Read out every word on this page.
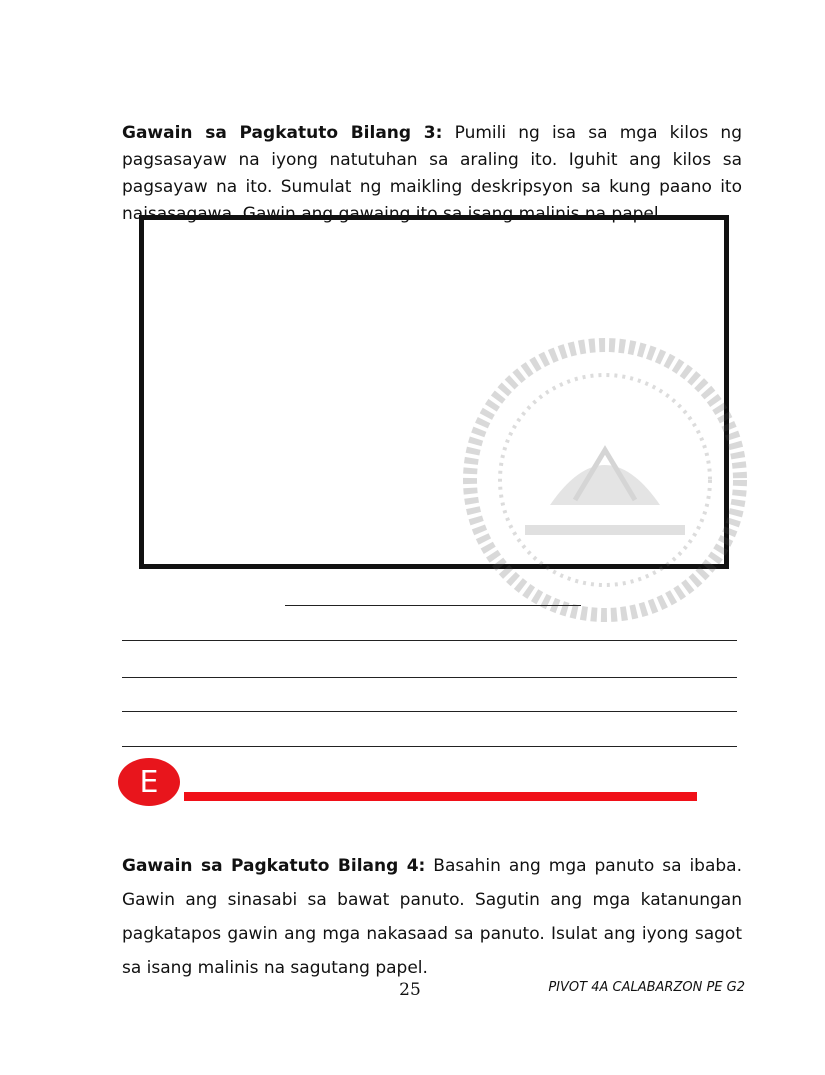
Gawain sa Pagkatuto Bilang 3: Pumili ng isa sa mga kilos ng pagsasayaw na iyong natutuhan sa araling ito. Iguhit ang kilos sa pagsayaw na ito. Sumulat ng maikling deskripsyon sa kung paano ito naisasagawa. Gawin ang gawaing ito sa isang malinis na papel.

E

Gawain sa Pagkatuto Bilang 4: Basahin ang mga panuto sa ibaba. Gawin ang sinasabi sa bawat panuto. Sagutin ang mga katanungan pagkatapos gawin ang mga nakasaad sa panuto. Isulat ang iyong sagot sa isang malinis na sagutang papel.

25	PIVOT 4A CALABARZON PE G2
